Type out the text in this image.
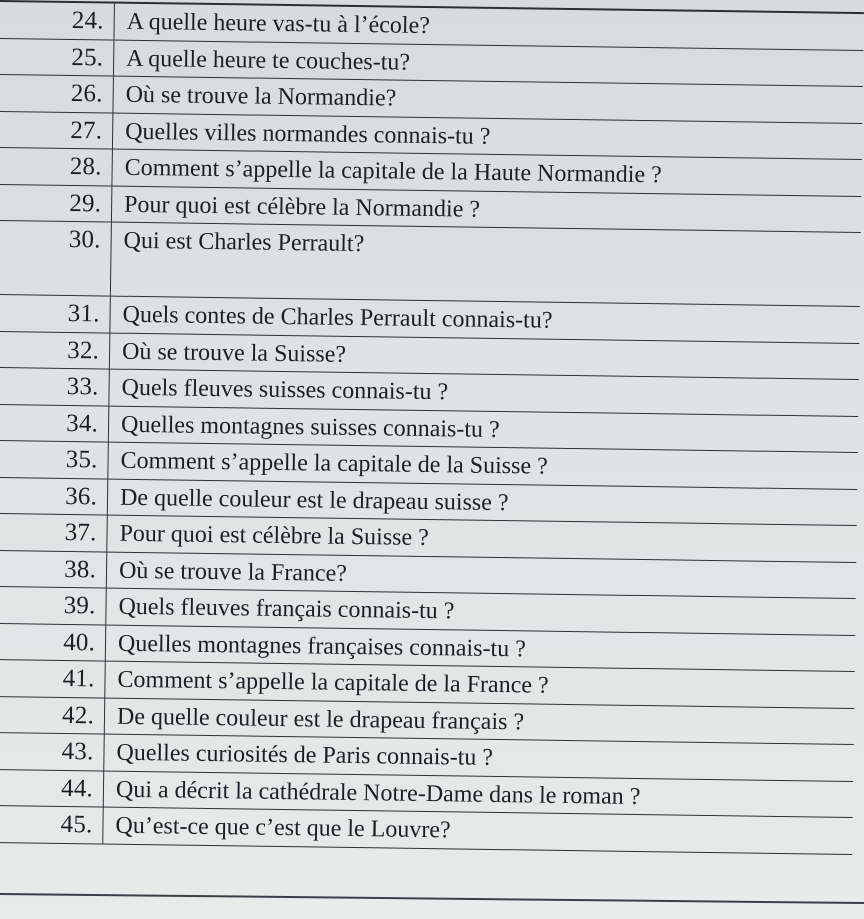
24. A quelle heure vas-tu à l’école?
25. A quelle heure te couches-tu?
26. Où se trouve la Normandie?
27. Quelles villes normandes connais-tu ?
28. Comment s’appelle la capitale de la Haute Normandie ?
29. Pour quoi est célèbre la Normandie ?
30. Qui est Charles Perrault?
31. Quels contes de Charles Perrault connais-tu?
32. Où se trouve la Suisse?
33. Quels fleuves suisses connais-tu ?
34. Quelles montagnes suisses connais-tu ?
35. Comment s’appelle la capitale de la Suisse ?
36. De quelle couleur est le drapeau suisse ?
37. Pour quoi est célèbre la Suisse ?
38. Où se trouve la France?
39. Quels fleuves français connais-tu ?
40. Quelles montagnes françaises connais-tu ?
41. Comment s’appelle la capitale de la France ?
42. De quelle couleur est le drapeau français ?
43. Quelles curiosités de Paris connais-tu ?
44. Qui a décrit la cathédrale Notre-Dame dans le roman ?
45. Qu’est-ce que c’est que le Louvre?
